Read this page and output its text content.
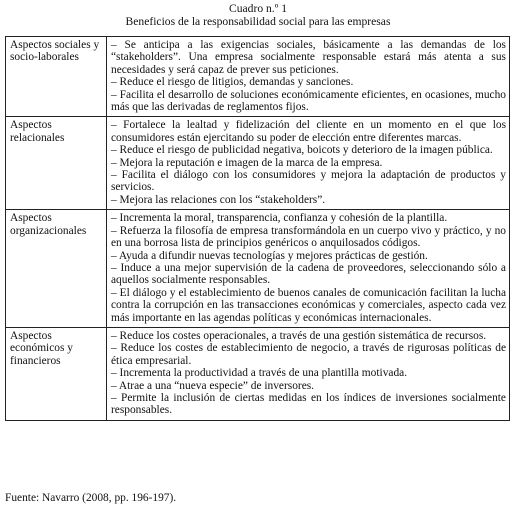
Cuadro n.º 1
Beneficios de la responsabilidad social para las empresas
Aspectos sociales y socio-laborales	– Se anticipa a las exigencias sociales, básicamente a las demandas de los “stakeholders”. Una empresa socialmente responsable estará más atenta a sus necesidades y será capaz de prever sus peticiones.
– Reduce el riesgo de litigios, demandas y sanciones.
– Facilita el desarrollo de soluciones económicamente eficientes, en ocasiones, mucho más que las derivadas de reglamentos fijos.

Aspectos relacionales	– Fortalece la lealtad y fidelización del cliente en un momento en el que los consumidores están ejercitando su poder de elección entre diferentes marcas.
– Reduce el riesgo de publicidad negativa, boicots y deterioro de la imagen pública.
– Mejora la reputación e imagen de la marca de la empresa.
– Facilita el diálogo con los consumidores y mejora la adaptación de productos y servicios.
– Mejora las relaciones con los “stakeholders”.

Aspectos organizacionales	– Incrementa la moral, transparencia, confianza y cohesión de la plantilla.
– Refuerza la filosofía de empresa transformándola en un cuerpo vivo y práctico, y no en una borrosa lista de principios genéricos o anquilosados códigos.
– Ayuda a difundir nuevas tecnologías y mejores prácticas de gestión.
– Induce a una mejor supervisión de la cadena de proveedores, seleccionando sólo a aquellos socialmente responsables.
– El diálogo y el establecimiento de buenos canales de comunicación facilitan la lucha contra la corrupción en las transacciones económicas y comerciales, aspecto cada vez más importante en las agendas políticas y económicas internacionales.

Aspectos económicos y financieros	– Reduce los costes operacionales, a través de una gestión sistemática de recursos.
– Reduce los costes de establecimiento de negocio, a través de rigurosas políticas de ética empresarial.
– Incrementa la productividad a través de una plantilla motivada.
– Atrae a una “nueva especie” de inversores.
– Permite la inclusión de ciertas medidas en los índices de inversiones socialmente responsables.
Fuente: Navarro (2008, pp. 196-197).
